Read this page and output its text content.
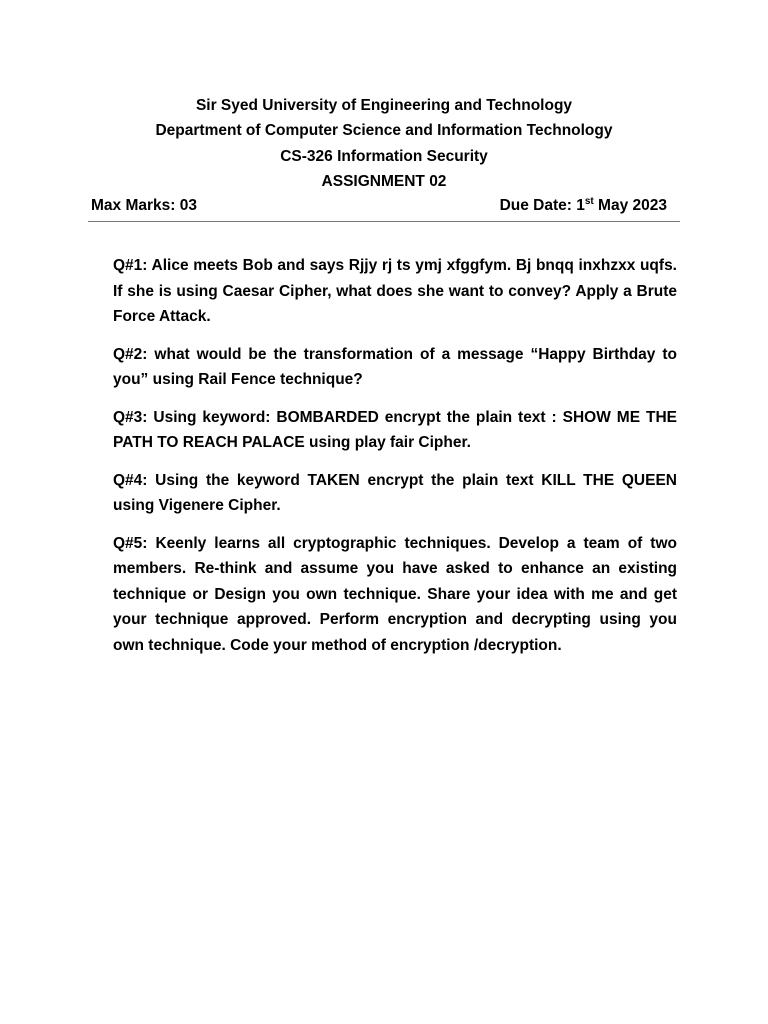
Sir Syed University of Engineering and Technology
Department of Computer Science and Information Technology
CS-326 Information Security
ASSIGNMENT 02
Max Marks: 03	Due Date: 1st May 2023

Q#1: Alice meets Bob and says Rjjy rj ts ymj xfggfym. Bj bnqq inxhzxx uqfs. If she is using Caesar Cipher, what does she want to convey? Apply a Brute Force Attack.

Q#2: what would be the transformation of a message “Happy Birthday to you” using Rail Fence technique?

Q#3: Using keyword: BOMBARDED encrypt the plain text : SHOW ME THE PATH TO REACH PALACE using play fair Cipher.

Q#4: Using the keyword TAKEN encrypt the plain text KILL THE QUEEN using Vigenere Cipher.

Q#5: Keenly learns all cryptographic techniques. Develop a team of two members. Re-think and assume you have asked to enhance an existing technique or Design you own technique. Share your idea with me and get your technique approved. Perform encryption and decrypting using you own technique. Code your method of encryption /decryption.
